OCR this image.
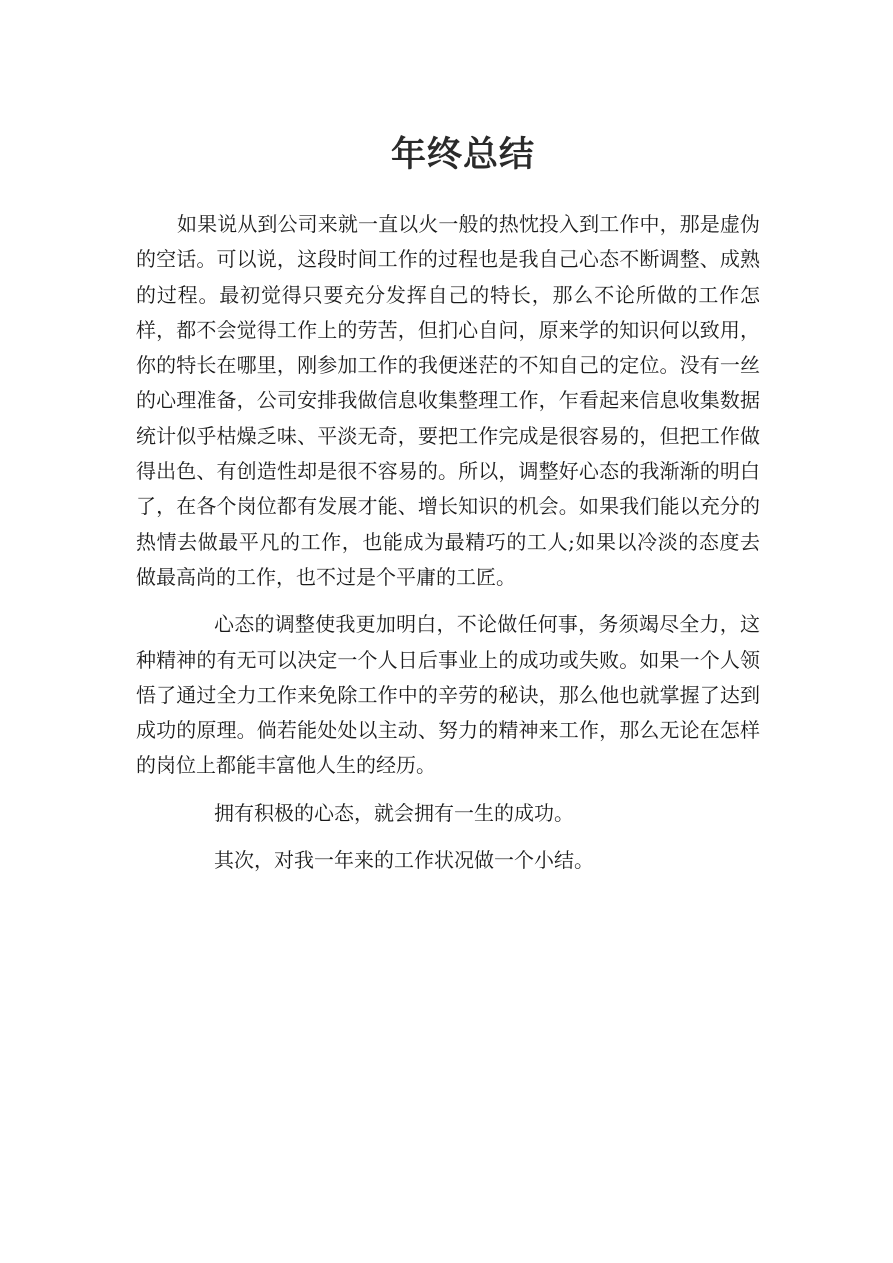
年终总结

如果说从到公司来就一直以火一般的热忱投入到工作中，那是虚伪的空话。可以说，这段时间工作的过程也是我自己心态不断调整、成熟的过程。最初觉得只要充分发挥自己的特长，那么不论所做的工作怎样，都不会觉得工作上的劳苦，但扪心自问，原来学的知识何以致用，你的特长在哪里，刚参加工作的我便迷茫的不知自己的定位。没有一丝的心理准备，公司安排我做信息收集整理工作，乍看起来信息收集数据统计似乎枯燥乏味、平淡无奇，要把工作完成是很容易的，但把工作做得出色、有创造性却是很不容易的。所以，调整好心态的我渐渐的明白了，在各个岗位都有发展才能、增长知识的机会。如果我们能以充分的热情去做最平凡的工作，也能成为最精巧的工人;如果以冷淡的态度去做最高尚的工作，也不过是个平庸的工匠。

心态的调整使我更加明白，不论做任何事，务须竭尽全力，这种精神的有无可以决定一个人日后事业上的成功或失败。如果一个人领悟了通过全力工作来免除工作中的辛劳的秘诀，那么他也就掌握了达到成功的原理。倘若能处处以主动、努力的精神来工作，那么无论在怎样的岗位上都能丰富他人生的经历。

拥有积极的心态，就会拥有一生的成功。

其次，对我一年来的工作状况做一个小结。
